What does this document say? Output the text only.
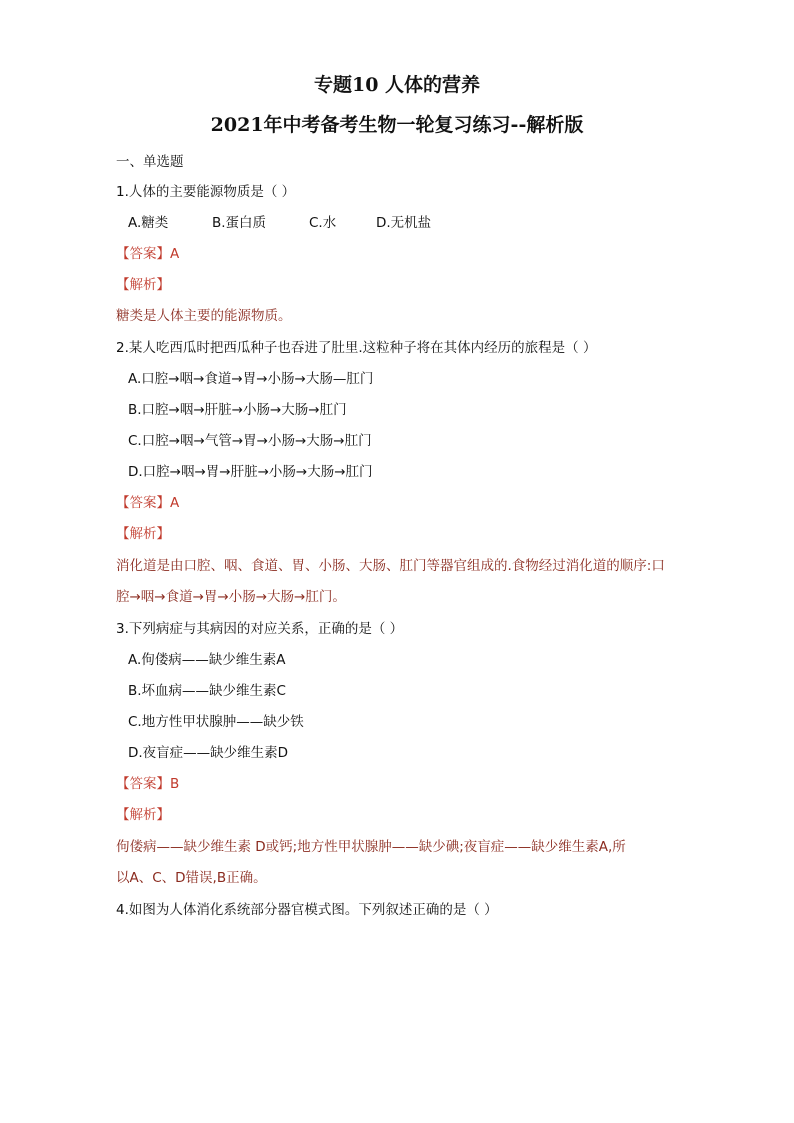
专题10 人体的营养
2021年中考备考生物一轮复习练习--解析版
一、单选题
1.人体的主要能源物质是（ ）
A.糖类	B.蛋白质	C.水	D.无机盐
【答案】A
【解析】
糖类是人体主要的能源物质。
2.某人吃西瓜时把西瓜种子也吞进了肚里.这粒种子将在其体内经历的旅程是（ ）
A.口腔→咽→食道→胃→小肠→大肠—肛门
B.口腔→咽→肝脏→小肠→大肠→肛门
C.口腔→咽→气管→胃→小肠→大肠→肛门
D.口腔→咽→胃→肝脏→小肠→大肠→肛门
【答案】A
【解析】
消化道是由口腔、咽、食道、胃、小肠、大肠、肛门等器官组成的.食物经过消化道的顺序:口
腔→咽→食道→胃→小肠→大肠→肛门。
3.下列病症与其病因的对应关系，正确的是（ ）
A.佝偻病——缺少维生素A
B.坏血病——缺少维生素C
C.地方性甲状腺肿——缺少铁
D.夜盲症——缺少维生素D
【答案】B
【解析】
佝偻病——缺少维生素 D或钙;地方性甲状腺肿——缺少碘;夜盲症——缺少维生素A,所
以A、C、D错误,B正确。
4.如图为人体消化系统部分器官模式图。下列叙述正确的是（ ）
